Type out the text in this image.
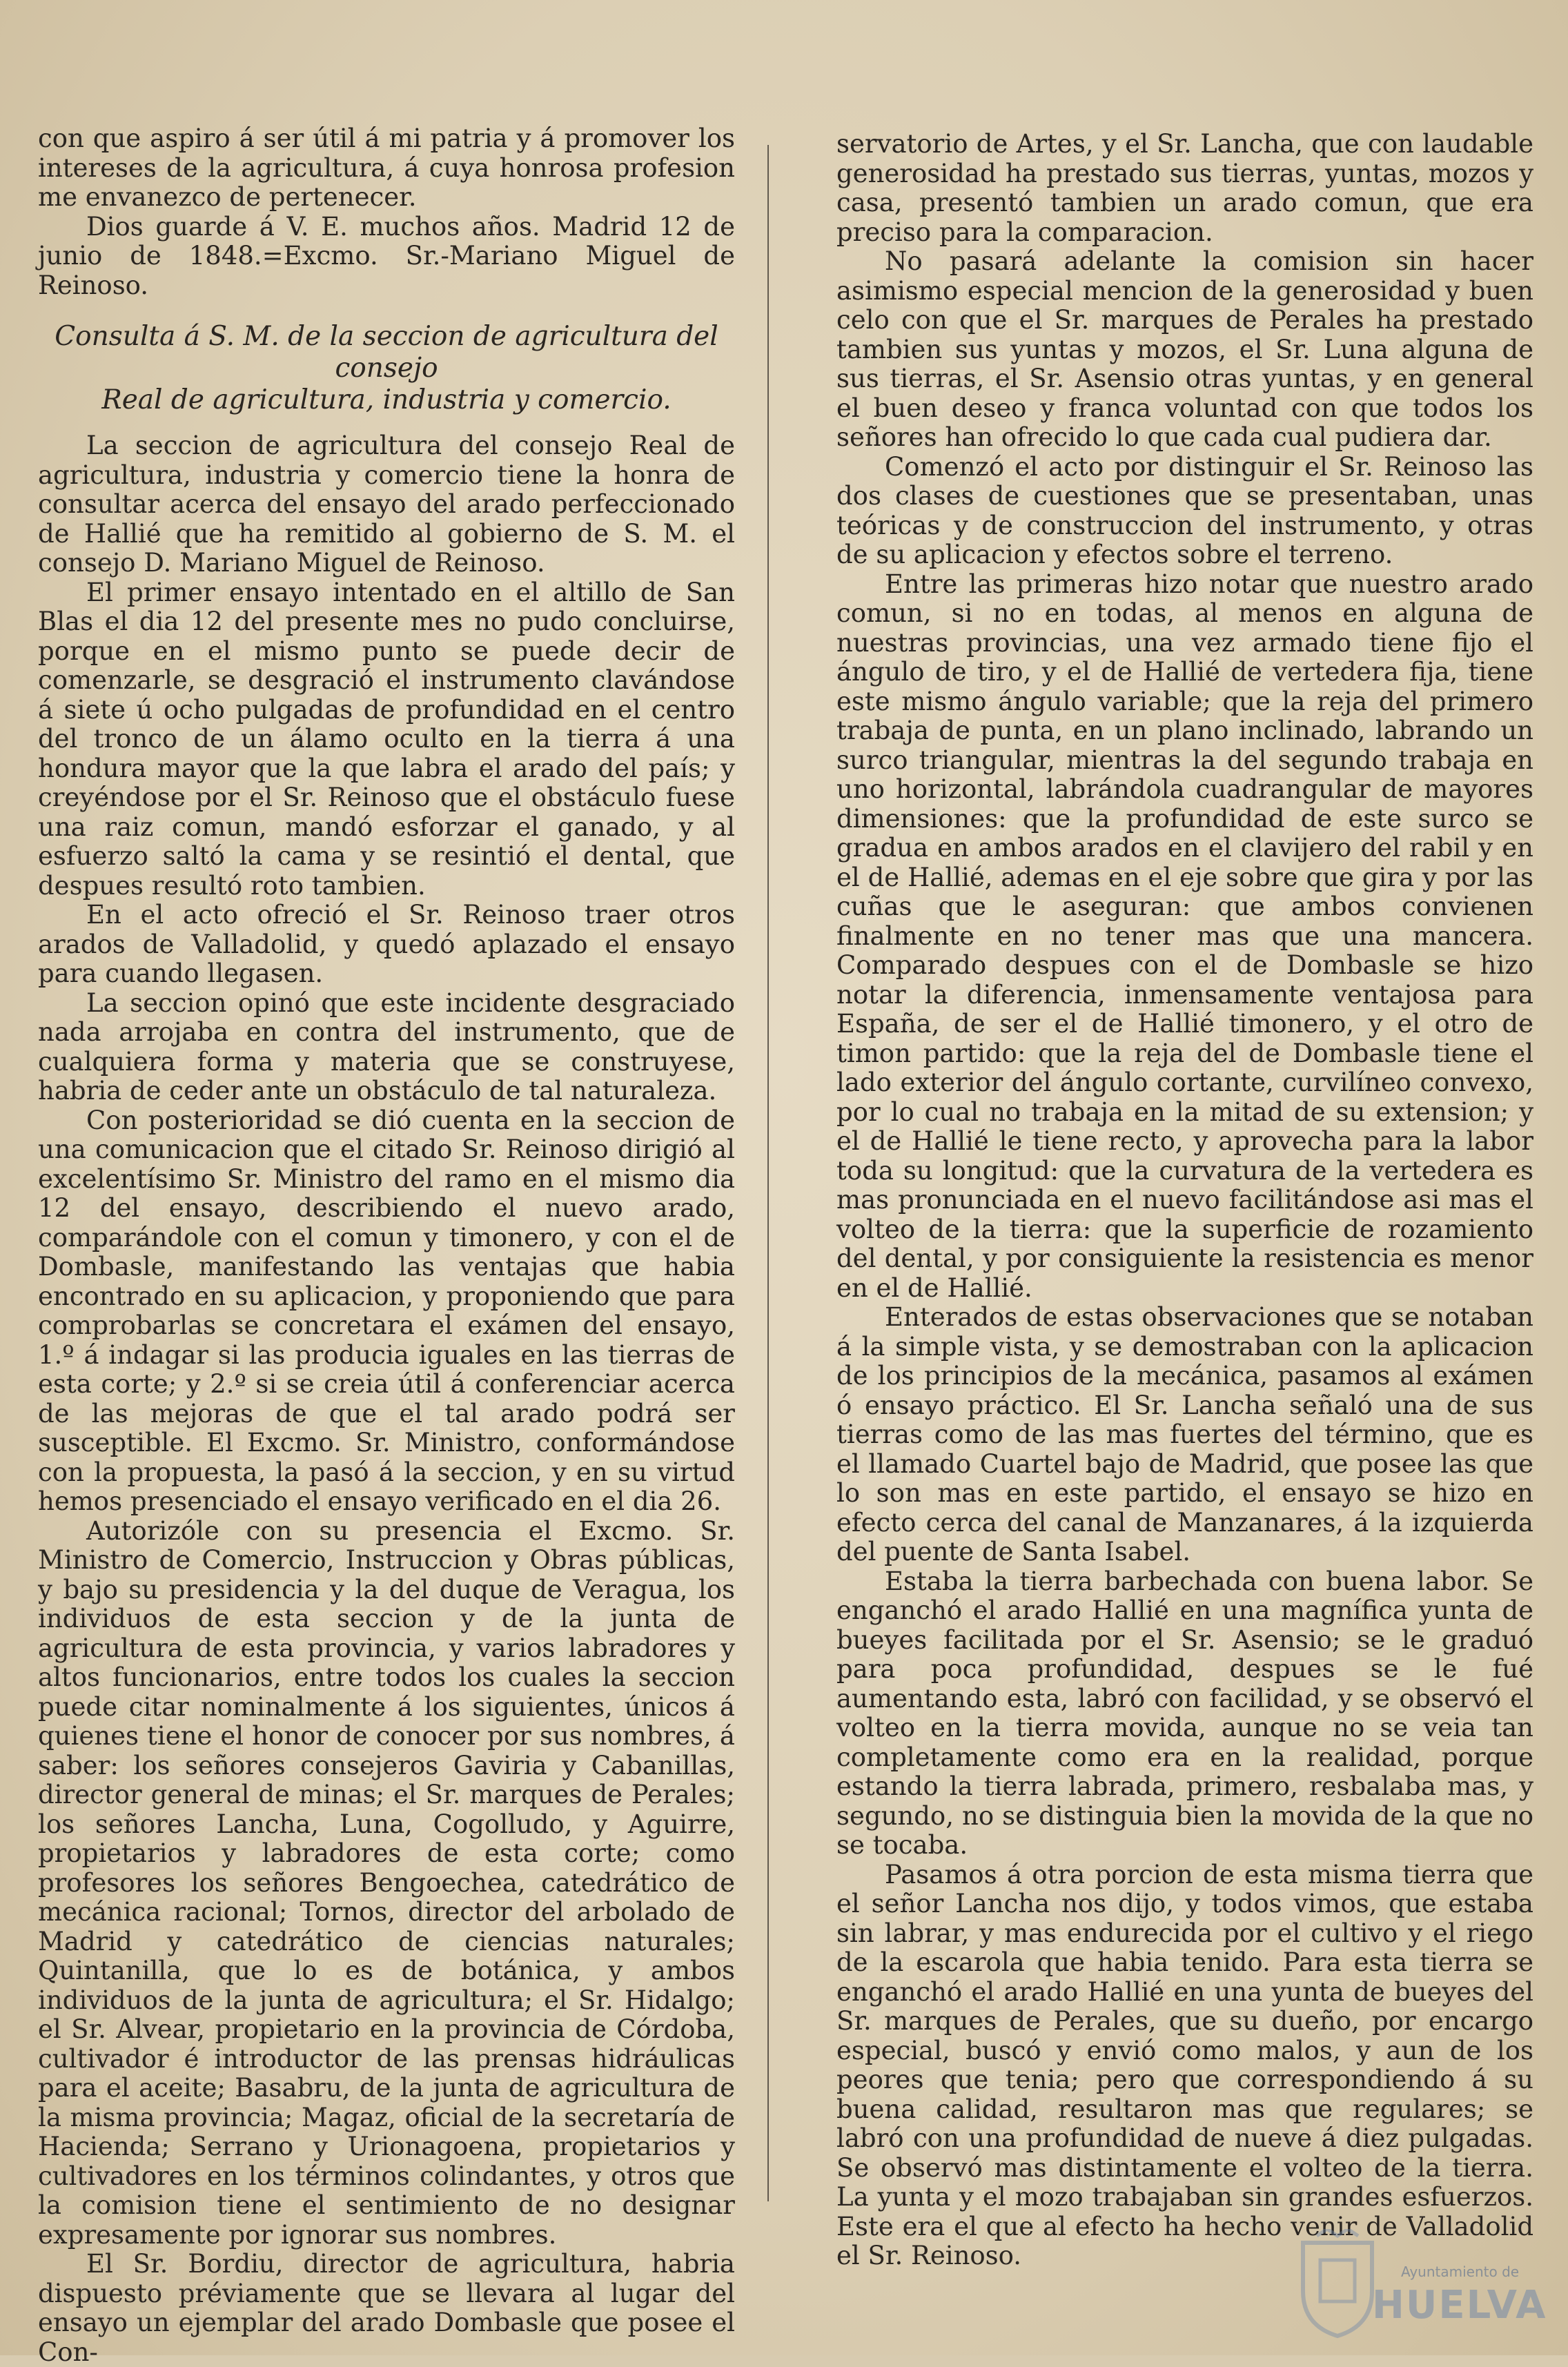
con que aspiro á ser útil á mi patria y á promover los intereses de la agricultura, á cuya honrosa profesion me envanezco de pertenecer.

Dios guarde á V. E. muchos años. Madrid 12 de junio de 1848.=Excmo. Sr.-Mariano Miguel de Reinoso.

Consulta á S. M. de la seccion de agricultura del consejo
Real de agricultura, industria y comercio.

La seccion de agricultura del consejo Real de agricultura, industria y comercio tiene la honra de consultar acerca del ensayo del arado perfeccionado de Hallié que ha remitido al gobierno de S. M. el consejo D. Mariano Miguel de Reinoso.

El primer ensayo intentado en el altillo de San Blas el dia 12 del presente mes no pudo concluirse, porque en el mismo punto se puede decir de comenzarle, se desgració el instrumento clavándose á siete ú ocho pulgadas de profundidad en el centro del tronco de un álamo oculto en la tierra á una hondura mayor que la que labra el arado del país; y creyéndose por el Sr. Reinoso que el obstáculo fuese una raiz comun, mandó esforzar el ganado, y al esfuerzo saltó la cama y se resintió el dental, que despues resultó roto tambien.

En el acto ofreció el Sr. Reinoso traer otros arados de Valladolid, y quedó aplazado el ensayo para cuando llegasen.

La seccion opinó que este incidente desgraciado nada arrojaba en contra del instrumento, que de cualquiera forma y materia que se construyese, habria de ceder ante un obstáculo de tal naturaleza.

Con posterioridad se dió cuenta en la seccion de una comunicacion que el citado Sr. Reinoso dirigió al excelentísimo Sr. Ministro del ramo en el mismo dia 12 del ensayo, describiendo el nuevo arado, comparándole con el comun y timonero, y con el de Dombasle, manifestando las ventajas que habia encontrado en su aplicacion, y proponiendo que para comprobarlas se concretara el exámen del ensayo, 1.º á indagar si las producia iguales en las tierras de esta corte; y 2.º si se creia útil á conferenciar acerca de las mejoras de que el tal arado podrá ser susceptible. El Excmo. Sr. Ministro, conformándose con la propuesta, la pasó á la seccion, y en su virtud hemos presenciado el ensayo verificado en el dia 26.

Autorizóle con su presencia el Excmo. Sr. Ministro de Comercio, Instruccion y Obras públicas, y bajo su presidencia y la del duque de Veragua, los individuos de esta seccion y de la junta de agricultura de esta provincia, y varios labradores y altos funcionarios, entre todos los cuales la seccion puede citar nominalmente á los siguientes, únicos á quienes tiene el honor de conocer por sus nombres, á saber: los señores consejeros Gaviria y Cabanillas, director general de minas; el Sr. marques de Perales; los señores Lancha, Luna, Cogolludo, y Aguirre, propietarios y labradores de esta corte; como profesores los señores Bengoechea, catedrático de mecánica racional; Tornos, director del arbolado de Madrid y catedrático de ciencias naturales; Quintanilla, que lo es de botánica, y ambos individuos de la junta de agricultura; el Sr. Hidalgo; el Sr. Alvear, propietario en la provincia de Córdoba, cultivador é introductor de las prensas hidráulicas para el aceite; Basabru, de la junta de agricultura de la misma provincia; Magaz, oficial de la secretaría de Hacienda; Serrano y Urionagoena, propietarios y cultivadores en los términos colindantes, y otros que la comision tiene el sentimiento de no designar expresamente por ignorar sus nombres.

El Sr. Bordiu, director de agricultura, habria dispuesto préviamente que se llevara al lugar del ensayo un ejemplar del arado Dombasle que posee el Con-

servatorio de Artes, y el Sr. Lancha, que con laudable generosidad ha prestado sus tierras, yuntas, mozos y casa, presentó tambien un arado comun, que era preciso para la comparacion.

No pasará adelante la comision sin hacer asimismo especial mencion de la generosidad y buen celo con que el Sr. marques de Perales ha prestado tambien sus yuntas y mozos, el Sr. Luna alguna de sus tierras, el Sr. Asensio otras yuntas, y en general el buen deseo y franca voluntad con que todos los señores han ofrecido lo que cada cual pudiera dar.

Comenzó el acto por distinguir el Sr. Reinoso las dos clases de cuestiones que se presentaban, unas teóricas y de construccion del instrumento, y otras de su aplicacion y efectos sobre el terreno.

Entre las primeras hizo notar que nuestro arado comun, si no en todas, al menos en alguna de nuestras provincias, una vez armado tiene fijo el ángulo de tiro, y el de Hallié de vertedera fija, tiene este mismo ángulo variable; que la reja del primero trabaja de punta, en un plano inclinado, labrando un surco triangular, mientras la del segundo trabaja en uno horizontal, labrándola cuadrangular de mayores dimensiones: que la profundidad de este surco se gradua en ambos arados en el clavijero del rabil y en el de Hallié, ademas en el eje sobre que gira y por las cuñas que le aseguran: que ambos convienen finalmente en no tener mas que una mancera. Comparado despues con el de Dombasle se hizo notar la diferencia, inmensamente ventajosa para España, de ser el de Hallié timonero, y el otro de timon partido: que la reja del de Dombasle tiene el lado exterior del ángulo cortante, curvilíneo convexo, por lo cual no trabaja en la mitad de su extension; y el de Hallié le tiene recto, y aprovecha para la labor toda su longitud: que la curvatura de la vertedera es mas pronunciada en el nuevo facilitándose asi mas el volteo de la tierra: que la superficie de rozamiento del dental, y por consiguiente la resistencia es menor en el de Hallié.

Enterados de estas observaciones que se notaban á la simple vista, y se demostraban con la aplicacion de los principios de la mecánica, pasamos al exámen ó ensayo práctico. El Sr. Lancha señaló una de sus tierras como de las mas fuertes del término, que es el llamado Cuartel bajo de Madrid, que posee las que lo son mas en este partido, el ensayo se hizo en efecto cerca del canal de Manzanares, á la izquierda del puente de Santa Isabel.

Estaba la tierra barbechada con buena labor. Se enganchó el arado Hallié en una magnífica yunta de bueyes facilitada por el Sr. Asensio; se le graduó para poca profundidad, despues se le fué aumentando esta, labró con facilidad, y se observó el volteo en la tierra movida, aunque no se veia tan completamente como era en la realidad, porque estando la tierra labrada, primero, resbalaba mas, y segundo, no se distinguia bien la movida de la que no se tocaba.

Pasamos á otra porcion de esta misma tierra que el señor Lancha nos dijo, y todos vimos, que estaba sin labrar, y mas endurecida por el cultivo y el riego de la escarola que habia tenido. Para esta tierra se enganchó el arado Hallié en una yunta de bueyes del Sr. marques de Perales, que su dueño, por encargo especial, buscó y envió como malos, y aun de los peores que tenia; pero que correspondiendo á su buena calidad, resultaron mas que regulares; se labró con una profundidad de nueve á diez pulgadas. Se observó mas distintamente el volteo de la tierra. La yunta y el mozo trabajaban sin grandes esfuerzos. Este era el que al efecto ha hecho venir de Valladolid el Sr. Reinoso.

Ayuntamiento de
HUELVA
